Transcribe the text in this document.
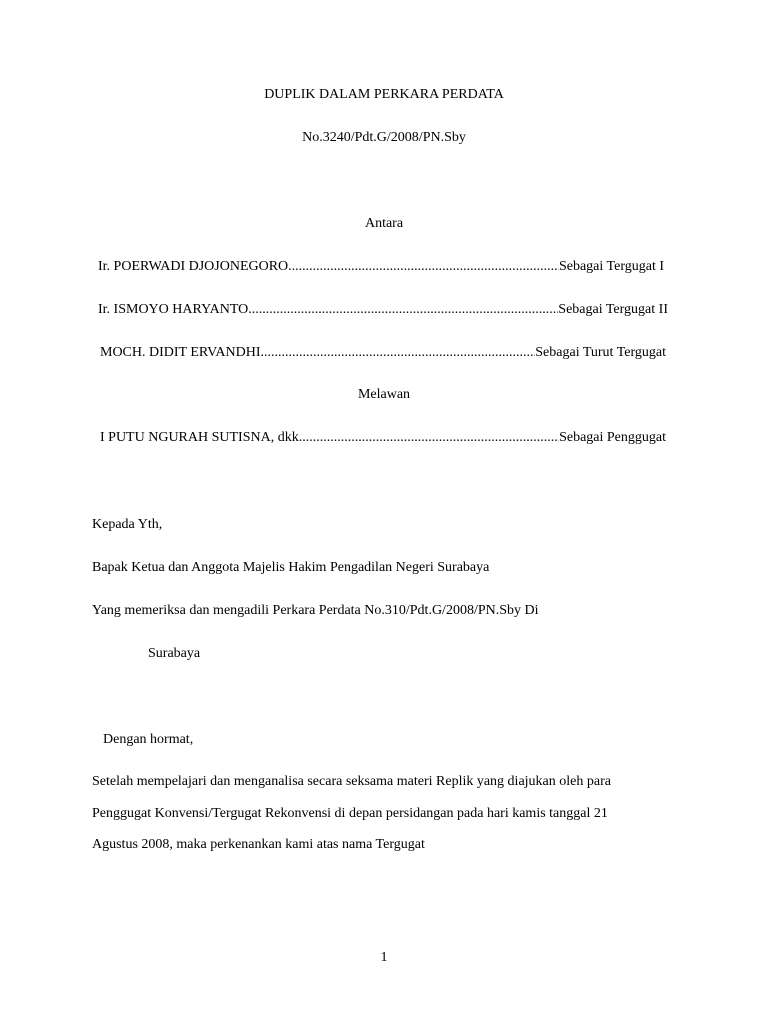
DUPLIK DALAM PERKARA PERDATA
No.3240/Pdt.G/2008/PN.Sby
Antara
Ir. POERWADI DJOJONEGORO .....	Sebagai Tergugat I
Ir. ISMOYO HARYANTO .....	Sebagai Tergugat II
MOCH. DIDIT ERVANDHI .....	Sebagai Turut Tergugat
Melawan
I PUTU NGURAH SUTISNA, dkk .....	Sebagai Penggugat
Kepada Yth,
Bapak Ketua dan Anggota Majelis Hakim Pengadilan Negeri Surabaya
Yang memeriksa dan mengadili Perkara Perdata No.310/Pdt.G/2008/PN.Sby Di
Surabaya
Dengan hormat,
Setelah mempelajari dan menganalisa secara seksama materi Replik yang diajukan oleh para
Penggugat Konvensi/Tergugat Rekonvensi di depan persidangan pada hari kamis tanggal 21
Agustus 2008, maka perkenankan kami atas nama Tergugat
1
